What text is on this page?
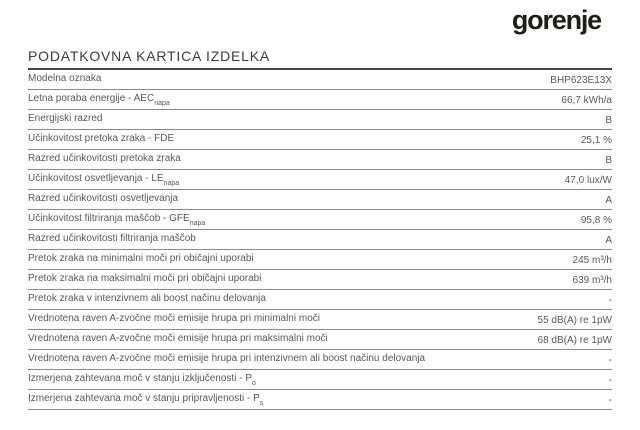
gorenje
PODATKOVNA KARTICA IZDELKA
Modelna oznaka	BHP623E13X
Letna poraba energije - $AEC_{napa}$	66,7 kWh/a
Energijski razred	B
Učinkovitost pretoka zraka - FDE	25,1 %
Razred učinkovitosti pretoka zraka	B
Učinkovitost osvetljevanja - $LE_{napa}$	47,0 lux/W
Razred učinkovitosti osvetljevanja	A
Učinkovitost filtriranja maščob - $GFE_{napa}$	95,8 %
Razred učinkovitosti filtriranja maščob	A
Pretok zraka na minimalni moči pri običajni uporabi	245 m³/h
Pretok zraka na maksimalni moči pri običajni uporabi	639 m³/h
Pretok zraka v intenzivnem ali boost načinu delovanja	-
Vrednotena raven A-zvočne moči emisije hrupa pri minimalni moči	55 dB(A) re 1pW
Vrednotena raven A-zvočne moči emisije hrupa pri maksimalni moči	68 dB(A) re 1pW
Vrednotena raven A-zvočne moči emisije hrupa pri intenzivnem ali boost načinu delovanja	-
Izmerjena zahtevana moč v stanju izključenosti - $P_o$	-
Izmerjena zahtevana moč v stanju pripravljenosti - $P_s$	-
